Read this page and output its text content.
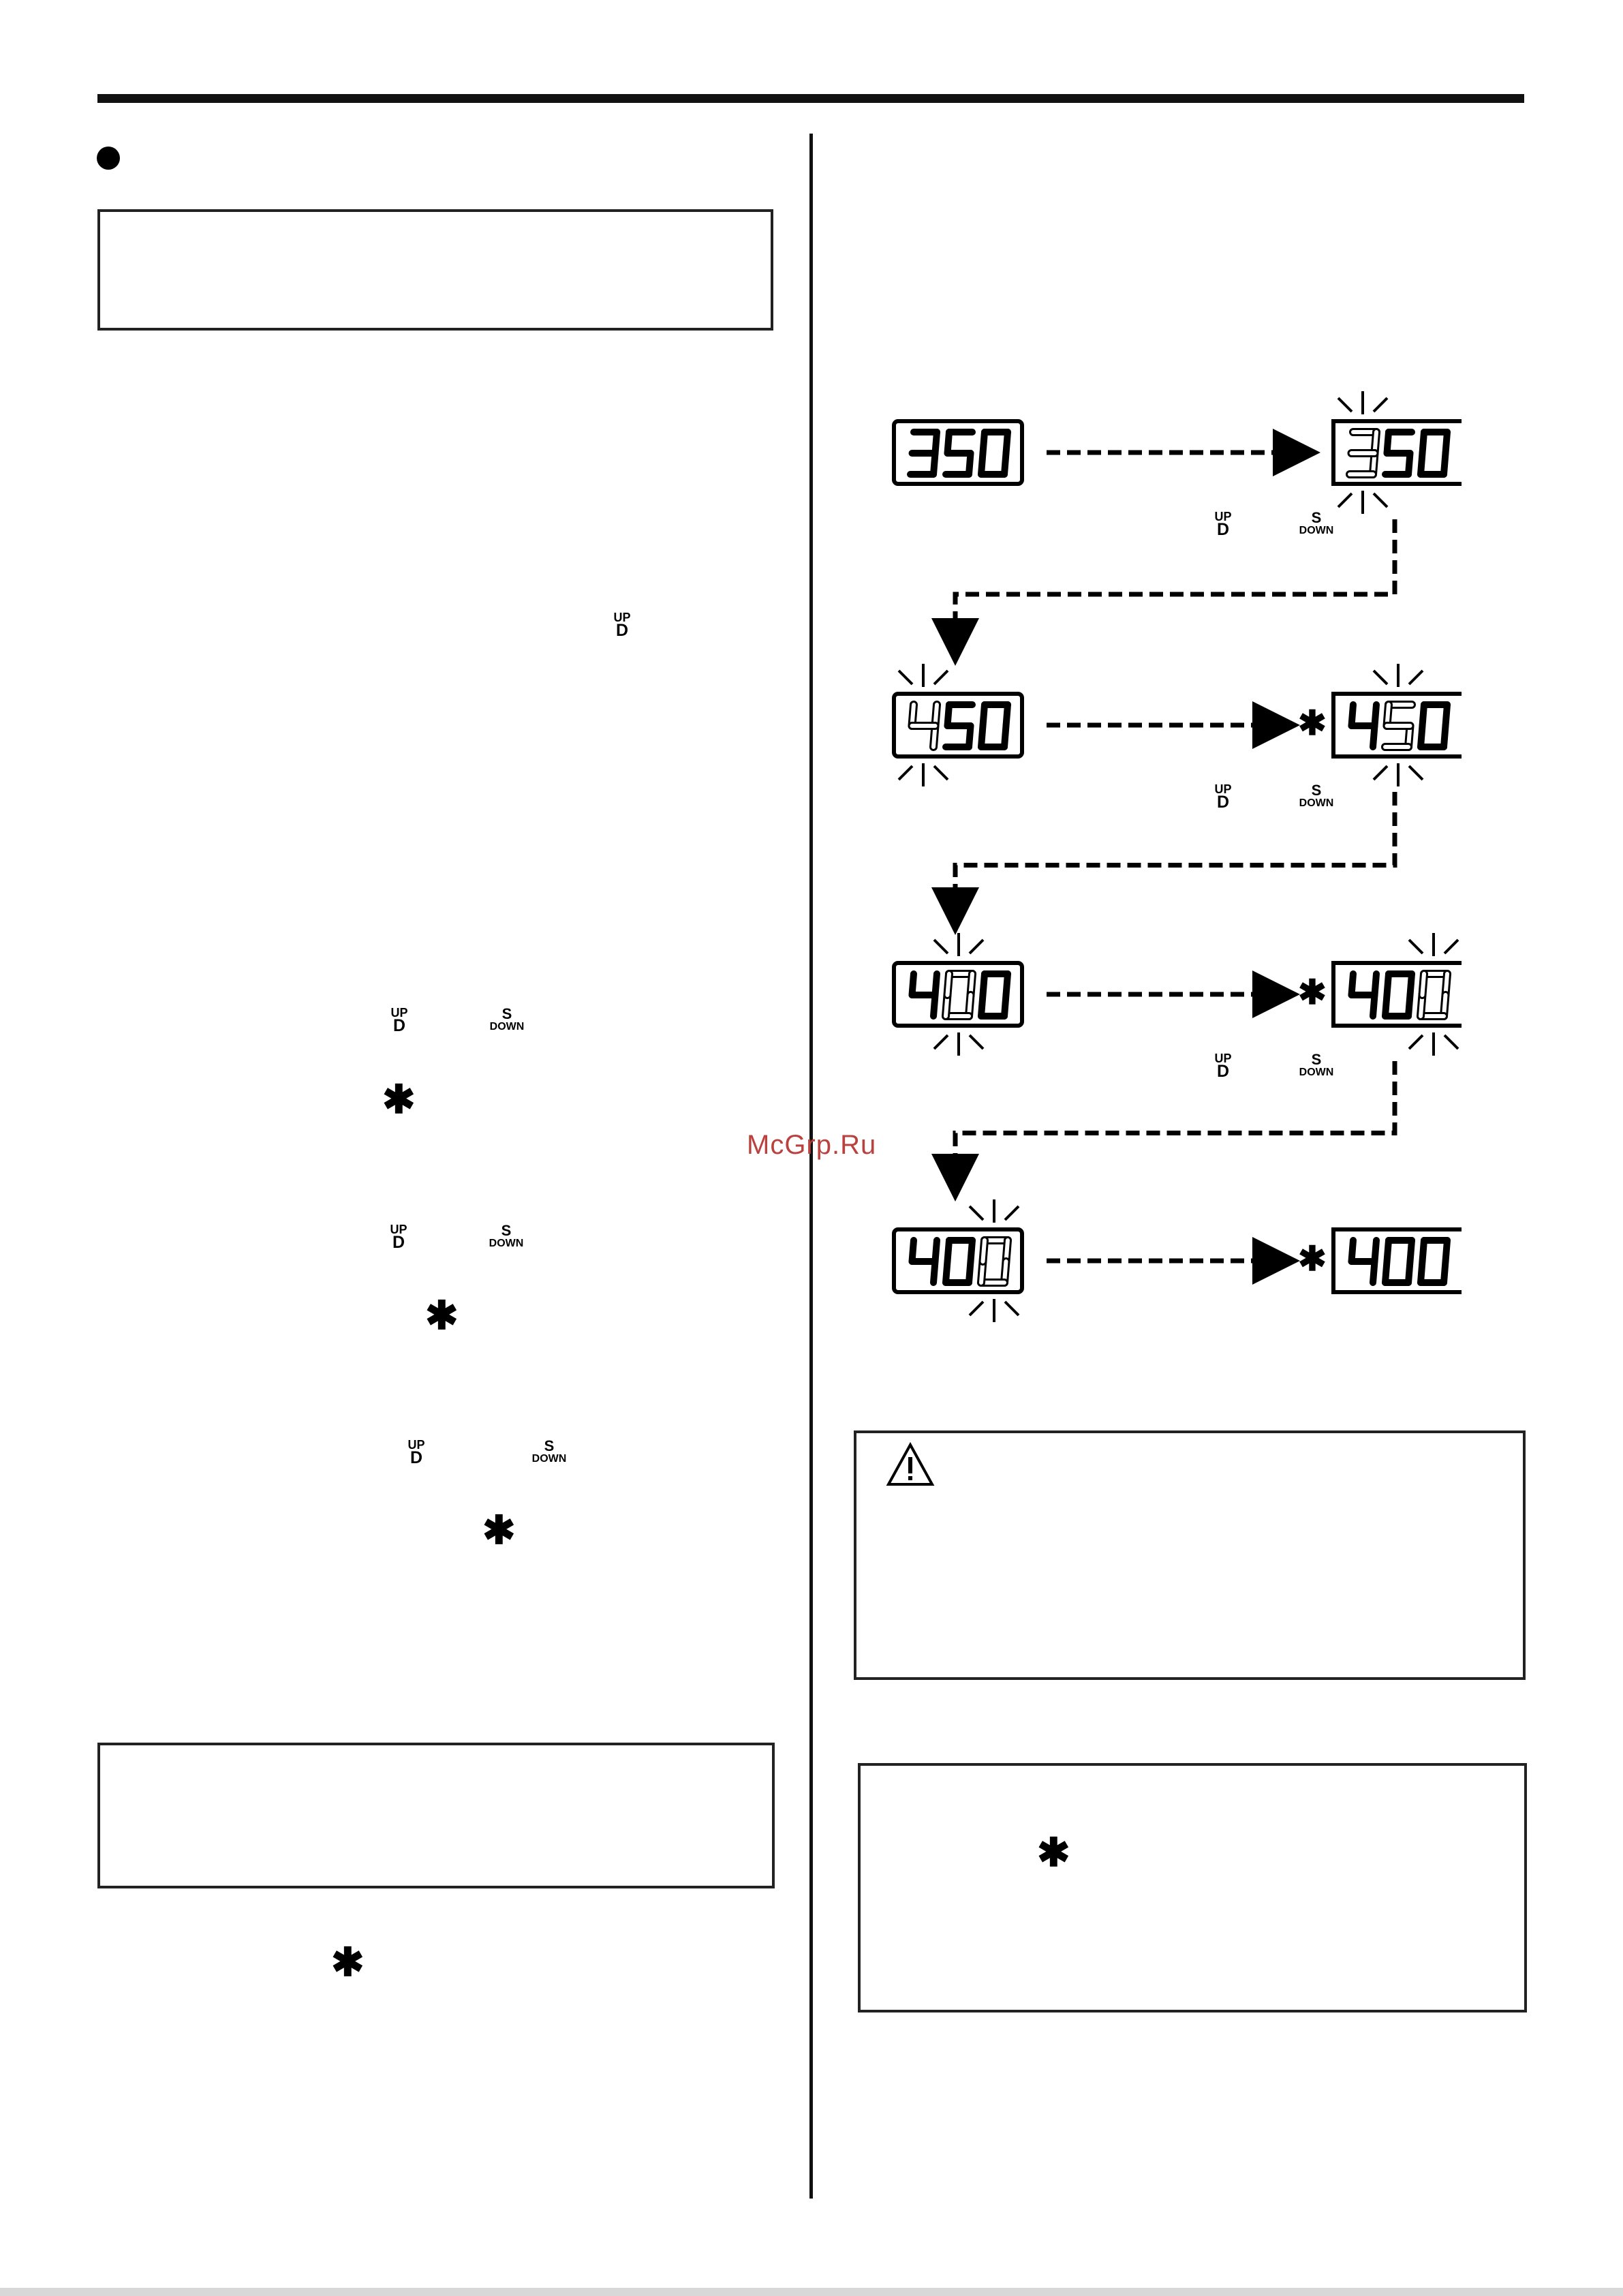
UP
D
UP
D
S
DOWN
✱
UP
D
S
DOWN
✱
UP
D
S
DOWN
✱
✱
UP
D
S
DOWN
✱
UP
D
S
DOWN
✱
UP
D
S
DOWN
✱
McGrp.Ru
✱
